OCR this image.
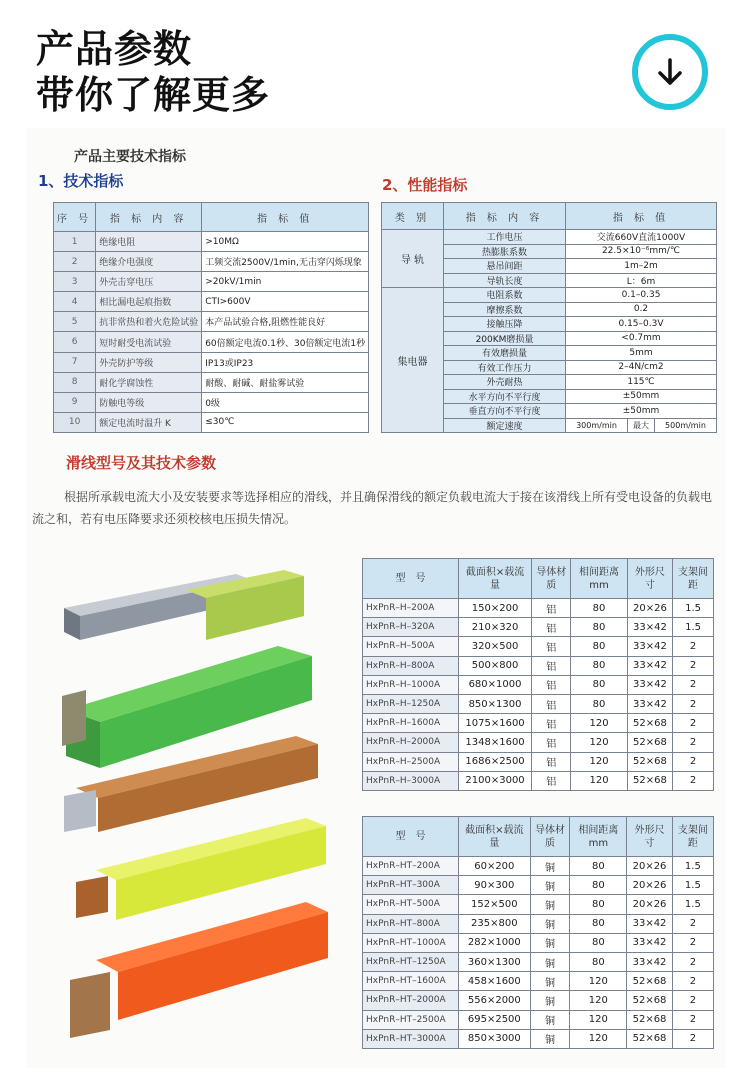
产品参数
带你了解更多
产品主要技术指标
1、技术指标	2、性能指标
序 号	指 标 内 容	指 标 值
1	绝缘电阻	>10MΩ
2	绝缘介电强度	工频交流2500V/1min,无击穿闪烁现象
3	外壳击穿电压	>20kV/1min
4	相比漏电起痕指数	CTI>600V
5	抗非常热和着火危险试验	本产品试验合格,阻燃性能良好
6	短时耐受电流试验	60倍额定电流0.1秒、30倍额定电流1秒
7	外壳防护等级	IP13或IP23
8	耐化学腐蚀性	耐酸、耐碱、耐盐雾试验
9	防触电等级	0级
10	额定电流时温升 K	≤30℃
类 别	指 标 内 容	指 标 值		
导 轨	工作电压	交流660V直流1000V		
	热膨胀系数	22.5×10⁻⁶mm/℃		
	悬吊间距	1m–2m		
	导轨长度	L：6m		
集电器	电阻系数	0.1–0.35		
	摩擦系数	0.2		
	接触压降	0.15–0.3V		
	200KM磨损量	<0.7mm		
	有效磨损量	5mm		
	有效工作压力	2–4N/cm2		
	外壳耐热	115℃		
	水平方向不平行度	±50mm		
	垂直方向不平行度	±50mm		
	额定速度	300m/min	最大	500m/min
滑线型号及其技术参数
根据所承载电流大小及安装要求等选择相应的滑线，并且确保滑线的额定负载电流大于接在该滑线上所有受电设备的负载电流之和，若有电压降要求还须校核电压损失情况。
型　号	截面积×载流量	导体材质	相间距离mm	外形尺寸	支架间距
HxPnR–H–200A	150×200	铝	80	20×26	1.5
HxPnR–H–320A	210×320	铝	80	33×42	1.5
HxPnR–H–500A	320×500	铝	80	33×42	2
HxPnR–H–800A	500×800	铝	80	33×42	2
HxPnR–H–1000A	680×1000	铝	80	33×42	2
HxPnR–H–1250A	850×1300	铝	80	33×42	2
HxPnR–H–1600A	1075×1600	铝	120	52×68	2
HxPnR–H–2000A	1348×1600	铝	120	52×68	2
HxPnR–H–2500A	1686×2500	铝	120	52×68	2
HxPnR–H–3000A	2100×3000	铝	120	52×68	2
型　号	截面积×载流量	导体材质	相间距离mm	外形尺寸	支架间距
HxPnR–HT–200A	60×200	铜	80	20×26	1.5
HxPnR–HT–300A	90×300	铜	80	20×26	1.5
HxPnR–HT–500A	152×500	铜	80	20×26	1.5
HxPnR–HT–800A	235×800	铜	80	33×42	2
HxPnR–HT–1000A	282×1000	铜	80	33×42	2
HxPnR–HT–1250A	360×1300	铜	80	33×42	2
HxPnR–HT–1600A	458×1600	铜	120	52×68	2
HxPnR–HT–2000A	556×2000	铜	120	52×68	2
HxPnR–HT–2500A	695×2500	铜	120	52×68	2
HxPnR–HT–3000A	850×3000	铜	120	52×68	2
